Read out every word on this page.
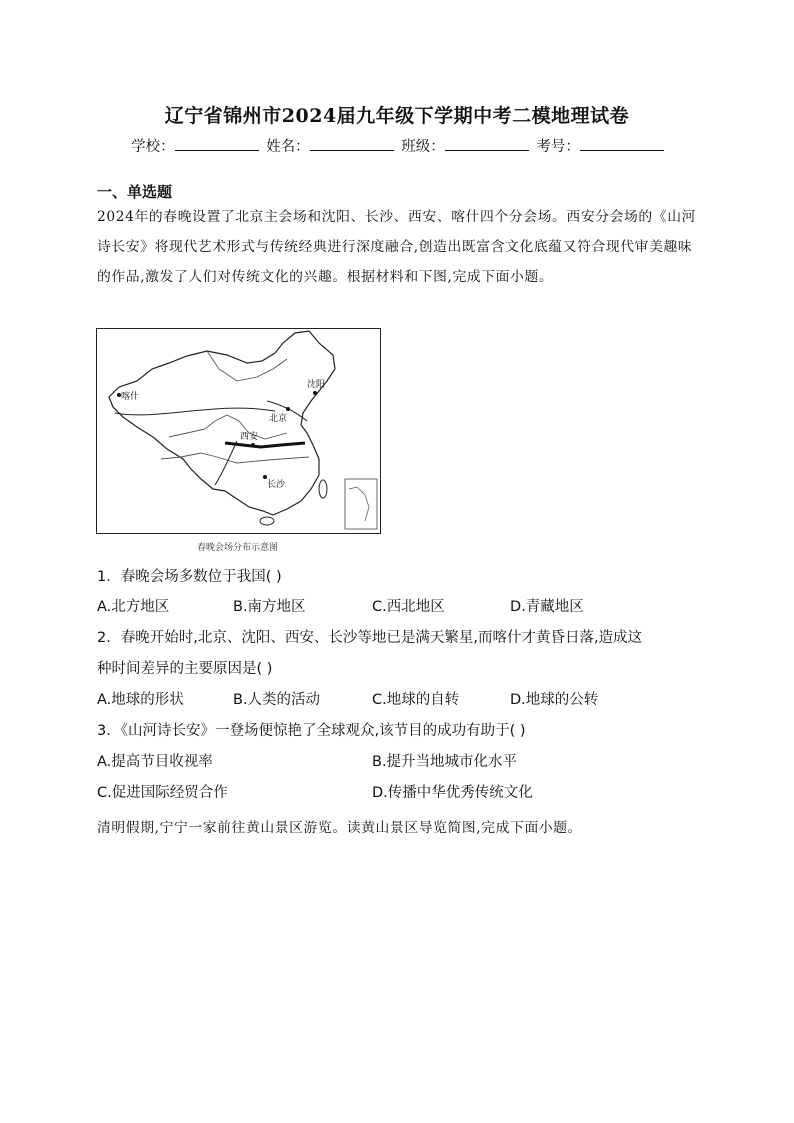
辽宁省锦州市2024届九年级下学期中考二模地理试卷
学校：	姓名：	班级：	考号：
一、单选题
2024年的春晚设置了北京主会场和沈阳、长沙、西安、喀什四个分会场。西安分会场的《山河诗长安》将现代艺术形式与传统经典进行深度融合,创造出既富含文化底蕴又符合现代审美趣味的作品,激发了人们对传统文化的兴趣。根据材料和下图,完成下面小题。
喀什
北京
沈阳
西安
长沙
春晚会场分布示意图
1．春晚会场多数位于我国( )
A.北方地区	B.南方地区	C.西北地区	D.青藏地区
2．春晚开始时,北京、沈阳、西安、长沙等地已是满天繁星,而喀什才黄昏日落,造成这
种时间差异的主要原因是( )
A.地球的形状	B.人类的活动	C.地球的自转	D.地球的公转
3．《山河诗长安》一登场便惊艳了全球观众,该节目的成功有助于( )
A.提高节目收视率	B.提升当地城市化水平
C.促进国际经贸合作	D.传播中华优秀传统文化
清明假期,宁宁一家前往黄山景区游览。读黄山景区导览简图,完成下面小题。
